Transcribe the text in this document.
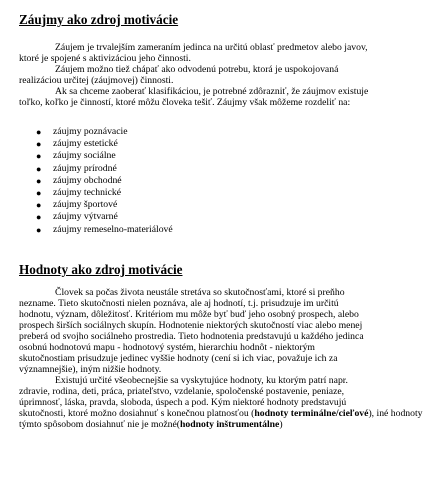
Záujmy ako zdroj motivácie

Záujem je trvalejším zameraním jedinca na určitú oblasť predmetov alebo javov,

ktoré je spojené s aktivizáciou jeho činnosti.

Záujem možno tiež chápať ako odvodenú potrebu, ktorá je uspokojovaná

realizáciou určitej (záujmovej) činnosti.

Ak sa chceme zaoberať klasifikáciou, je potrebné zdôrazniť, že záujmov existuje

toľko, koľko je činností, ktoré môžu človeka tešiť. Záujmy však môžeme rozdeliť na:

● záujmy poznávacie
● záujmy estetické
● záujmy sociálne
● záujmy prírodné
● záujmy obchodné
● záujmy technické
● záujmy športové
● záujmy výtvarné
● záujmy remeselno-materiálové
Hodnoty ako zdroj motivácie

Človek sa počas života neustále stretáva so skutočnosťami, ktoré si preňho

nezname. Tieto skutočnosti nielen poznáva, ale aj hodnotí, t.j. prisudzuje im určitú

hodnotu, význam, dôležitosť. Kritériom mu môže byť buď jeho osobný prospech, alebo

prospech širších sociálnych skupín. Hodnotenie niektorých skutočností viac alebo menej

preberá od svojho sociálneho prostredia. Tieto hodnotenia predstavujú u každého jedinca

osobnú hodnotovú mapu - hodnotový systém, hierarchiu hodnôt - niektorým

skutočnostiam prisudzuje jedinec vyššie hodnoty (cení si ich viac, považuje ich za

významnejšie), iným nižšie hodnoty.

Existujú určité všeobecnejšie sa vyskytujúce hodnoty, ku ktorým patrí napr.

zdravie, rodina, deti, práca, priateľstvo, vzdelanie, spoločenské postavenie, peniaze,

úprimnosť, láska, pravda, sloboda, úspech a pod. Kým niektoré hodnoty predstavujú

skutočnosti, ktoré možno dosiahnuť s konečnou platnosťou (hodnoty terminálne/cieľové), iné hodnoty týmto spôsobom dosiahnuť nie je možné(hodnoty inštrumentálne)
